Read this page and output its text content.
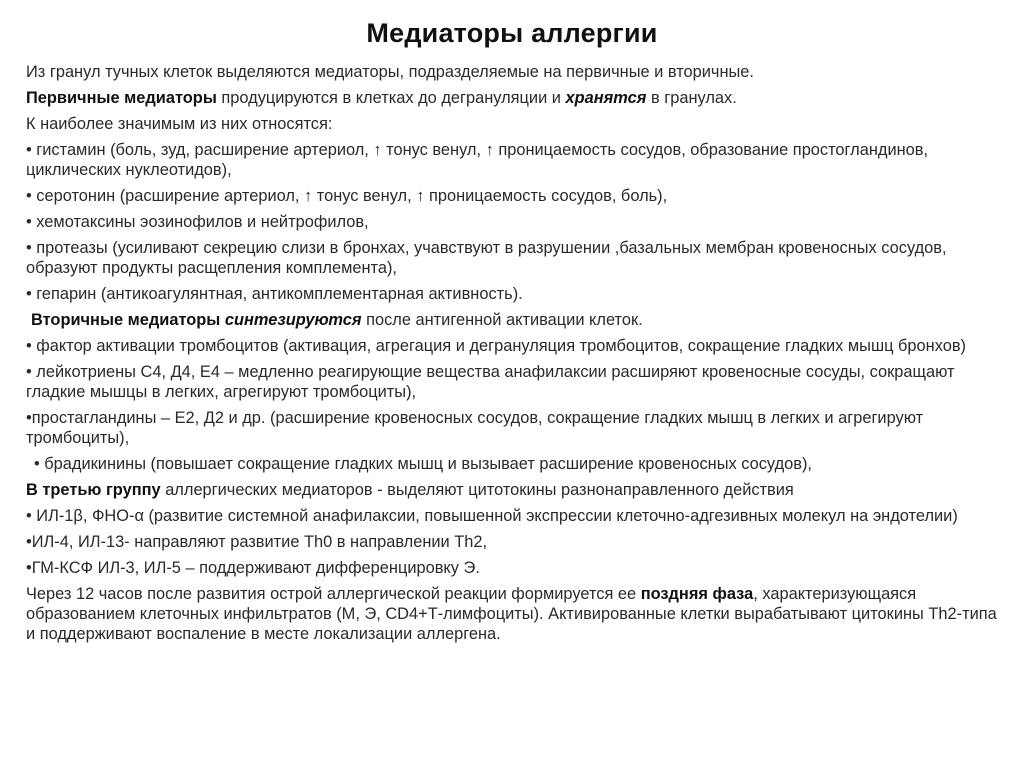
Медиаторы аллергии

Из гранул тучных клеток выделяются медиаторы, подразделяемые на первичные и вторичные.

Первичные медиаторы продуцируются в клетках до дегрануляции и хранятся в гранулах.

К наиболее значимым из них относятся:

• гистамин (боль, зуд, расширение артериол, ↑ тонус венул, ↑ проницаемость сосудов, образование простогландинов, циклических нуклеотидов),

• серотонин (расширение артериол, ↑ тонус венул, ↑ проницаемость сосудов, боль),

• хемотаксины эозинофилов и нейтрофилов,

• протеазы (усиливают секрецию слизи в бронхах, учавствуют в разрушении ,базальных мембран кровеносных сосудов, образуют продукты расщепления комплемента),

• гепарин (антикоагулянтная, антикомплементарная активность).

Вторичные медиаторы синтезируются после антигенной активации клеток.

• фактор активации тромбоцитов (активация, агрегация и дегрануляция тромбоцитов, сокращение гладких мышц бронхов)

• лейкотриены С4, Д4, Е4 – медленно реагирующие вещества анафилаксии расширяют кровеносные сосуды, сокращают гладкие мышцы в легких, агрегируют тромбоциты),

•простагландины – Е2, Д2 и др. (расширение кровеносных сосудов, сокращение гладких мышц в легких и агрегируют тромбоциты),

• брадикинины (повышает сокращение гладких мышц и вызывает расширение кровеносных сосудов),

В третью группу аллергических медиаторов - выделяют цитотокины разнонаправленного действия

• ИЛ-1β, ФНО-α (развитие системной анафилаксии, повышенной экспрессии клеточно-адгезивных молекул на эндотелии)

•ИЛ-4, ИЛ-13- направляют развитие Th0 в направлении Th2,

•ГМ-КСФ ИЛ-3, ИЛ-5 – поддерживают дифференцировку Э.

Через 12 часов после развития острой аллергической реакции формируется ее поздняя фаза, характеризующаяся образованием клеточных инфильтратов (М, Э, CD4+Т-лимфоциты). Активированные клетки вырабатывают цитокины Th2-типа и поддерживают воспаление в месте локализации аллергена.
